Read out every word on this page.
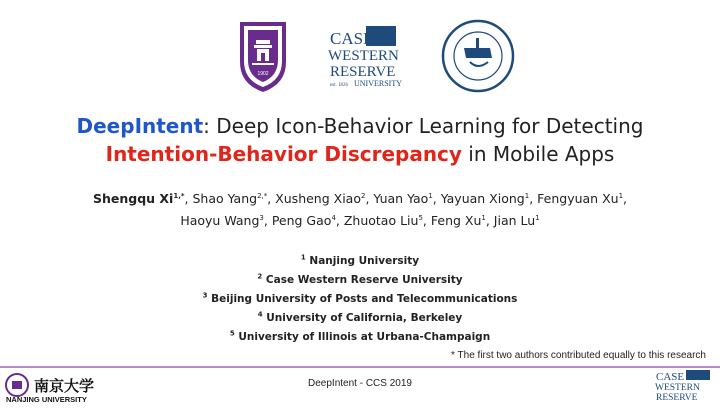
1902
CASE
WESTERN
RESERVE
est. 1826 UNIVERSITY
DeepIntent: Deep Icon-Behavior Learning for Detecting
Intention-Behavior Discrepancy in Mobile Apps
Shengqu $Xi^{1,*}$, Shao Yang$^{2,*}$, Xusheng Xiao$^2$, Yuan Yao$^1$, Yayuan Xiong$^1$, Fengyuan Xu$^1$,
Haoyu Wang$^3$, Peng Gao$^4$, Zhuotao Liu$^5$, Feng Xu$^1$, Jian Lu$^1$
$^1$ Nanjing University
$^2$ Case Western Reserve University
$^3$ Beijing University of Posts and Telecommunications
$^4$ University of California, Berkeley
$^5$ University of Illinois at Urbana-Champaign
* The first two authors contributed equally to this research
南京大学
NANJING UNIVERSITY
DeepIntent - CCS 2019
CASE
WESTERN
RESERVE
